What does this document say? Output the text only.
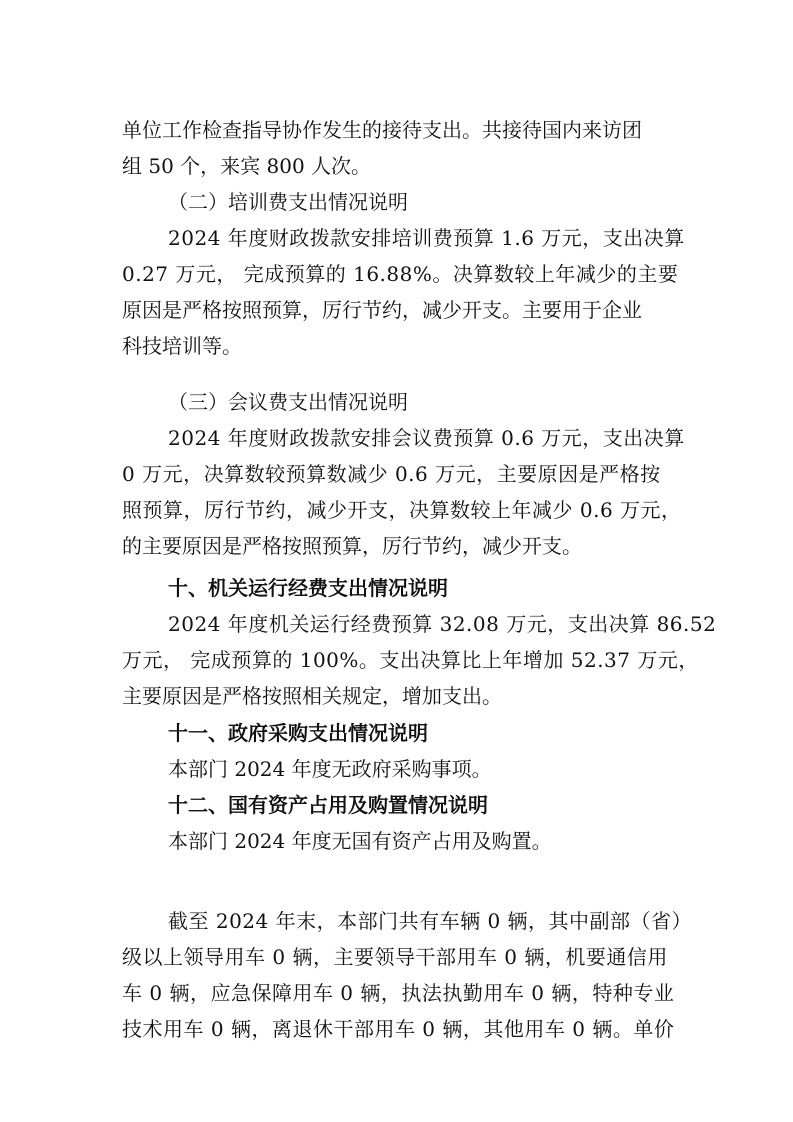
单位工作检查指导协作发生的接待支出。共接待国内来访团
组 50 个，来宾 800 人次。
（二）培训费支出情况说明
2024 年度财政拨款安排培训费预算 1.6 万元，支出决算
0.27 万元， 完成预算的 16.88%。决算数较上年减少的主要
原因是严格按照预算，厉行节约，减少开支。主要用于企业
科技培训等。
（三）会议费支出情况说明
2024 年度财政拨款安排会议费预算 0.6 万元，支出决算
0 万元，决算数较预算数减少 0.6 万元，主要原因是严格按
照预算，厉行节约，减少开支，决算数较上年减少 0.6 万元，
的主要原因是严格按照预算，厉行节约，减少开支。
十、机关运行经费支出情况说明
2024 年度机关运行经费预算 32.08 万元，支出决算 86.52
万元， 完成预算的 100%。支出决算比上年增加 52.37 万元，
主要原因是严格按照相关规定，增加支出。
十一、政府采购支出情况说明
本部门 2024 年度无政府采购事项。
十二、国有资产占用及购置情况说明
本部门 2024 年度无国有资产占用及购置。
截至 2024 年末，本部门共有车辆 0 辆，其中副部（省）
级以上领导用车 0 辆，主要领导干部用车 0 辆，机要通信用
车 0 辆，应急保障用车 0 辆，执法执勤用车 0 辆，特种专业
技术用车 0 辆，离退休干部用车 0 辆，其他用车 0 辆。单价
